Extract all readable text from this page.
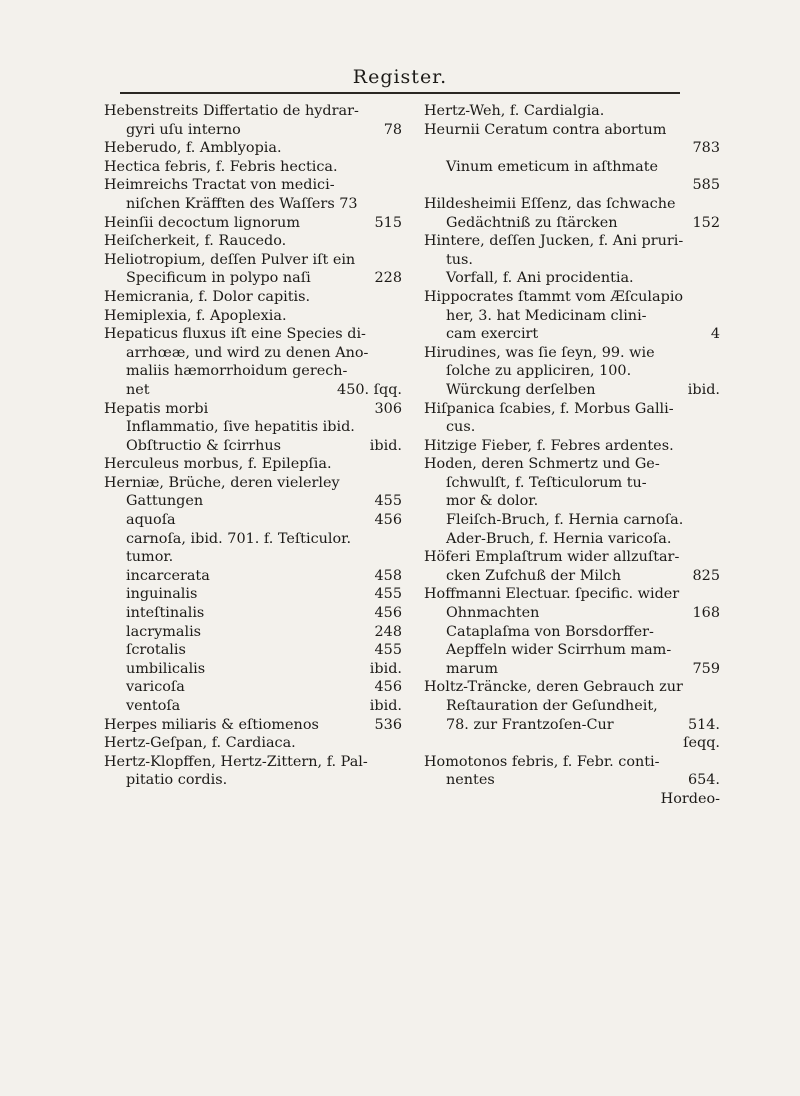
Register.
Hebenstreits Differtatio de hydrar-
78
gyri uſu interno
Heberudo, f. Amblyopia.
Hectica febris, f. Febris hectica.
Heimreichs Tractat von medici-
niſchen Kräfften des Waſſers 73
515
Heinſii decoctum lignorum
Heiſcherkeit, f. Raucedo.
Heliotropium, deſſen Pulver iſt ein
228
Specificum in polypo naſi
Hemicrania, f. Dolor capitis.
Hemiplexia, f. Apoplexia.
Hepaticus fluxus iſt eine Species di-
arrhœæ, und wird zu denen Ano-
maliis hæmorrhoidum gerech-
450. ſqq.
net
306
Hepatis morbi
Inflammatio, ſive hepatitis ibid.
ibid.
Obſtructio & ſcirrhus
Herculeus morbus, f. Epilepſia.
Herniæ, Brüche, deren vielerley
455
Gattungen
456
aquoſa
carnoſa, ibid. 701. f. Teſticulor.
tumor.
458
incarcerata
455
inguinalis
456
inteſtinalis
248
lacrymalis
455
ſcrotalis
ibid.
umbilicalis
456
varicoſa
ibid.
ventoſa
536
Herpes miliaris & eſtiomenos
Hertz-Geſpan, f. Cardiaca.
Hertz-Klopffen, Hertz-Zittern, f. Pal-
pitatio cordis.
Hertz-Weh, f. Cardialgia.
Heurnii Ceratum contra abortum
783
Vinum emeticum in aſthmate
585
Hildesheimii Eſſenz, das ſchwache
152
Gedächtniß zu ſtärcken
Hintere, deſſen Jucken, f. Ani pruri-
tus.
Vorfall, f. Ani procidentia.
Hippocrates ſtammt vom Æſculapio
her, 3. hat Medicinam clini-
4
cam exercirt
Hirudines, was ſie ſeyn, 99. wie
ſolche zu appliciren, 100.
ibid.
Würckung derſelben
Hiſpanica ſcabies, f. Morbus Galli-
cus.
Hitzige Fieber, f. Febres ardentes.
Hoden, deren Schmertz und Ge-
ſchwulſt, f. Teſticulorum tu-
mor & dolor.
Fleiſch-Bruch, f. Hernia carnoſa.
Ader-Bruch, f. Hernia varicoſa.
Höferi Emplaſtrum wider allzuſtar-
825
cken Zufchuß der Milch
Hoffmanni Electuar. ſpecific. wider
168
Ohnmachten
Cataplaſma von Borsdorffer-
Aepffeln wider Scirrhum mam-
759
marum
Holtz-Träncke, deren Gebrauch zur
Reſtauration der Geſundheit,
514.
78. zur Frantzoſen-Cur
ſeqq.
Homotonos febris, f. Febr. conti-
654.
nentes
Hordeo-
